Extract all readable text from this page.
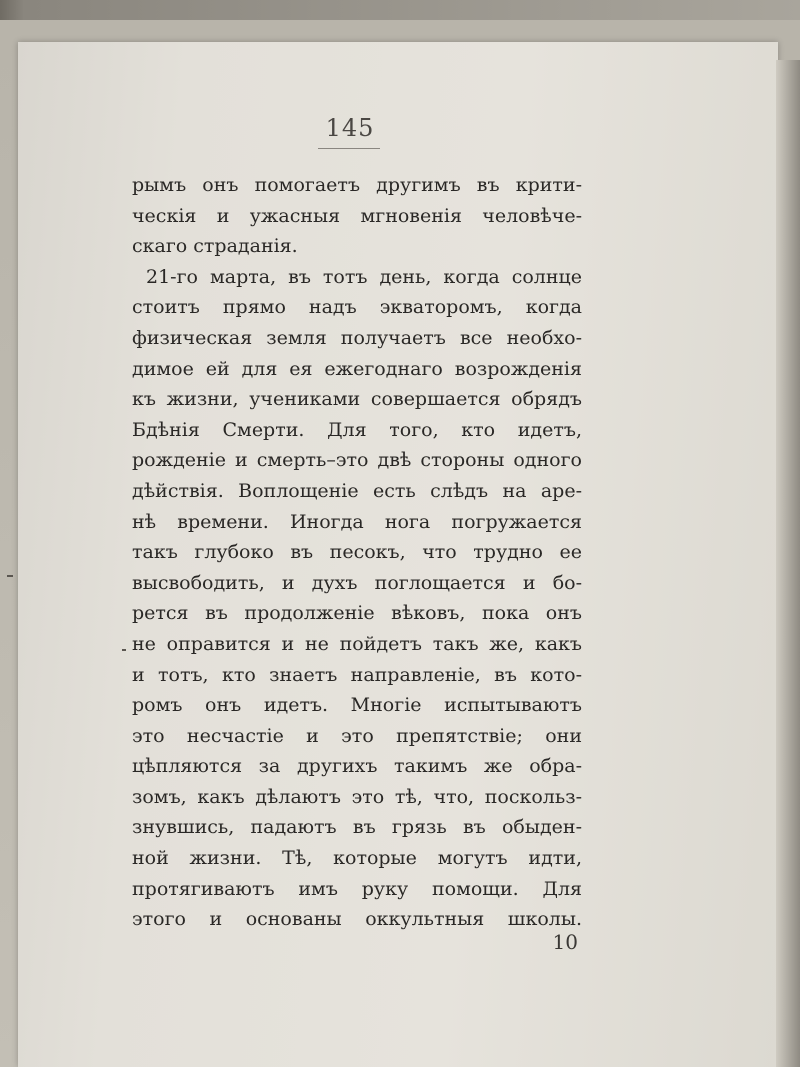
145
рымъ онъ помогаетъ другимъ въ крити-
ческія и ужасныя мгновенія человѣче-
скаго страданія.
21-го марта, въ тотъ день, когда солнце
стоитъ прямо надъ экваторомъ, когда
физическая земля получаетъ все необхо-
димое ей для ея ежегоднаго возрожденія
къ жизни, учениками совершается обрядъ
Бдѣнія Смерти. Для того, кто идетъ,
рожденіе и смерть–это двѣ стороны одного
дѣйствія. Воплощеніе есть слѣдъ на аре-
нѣ времени. Иногда нога погружается
такъ глубоко въ песокъ, что трудно ее
высвободить, и духъ поглощается и бо-
рется въ продолженіе вѣковъ, пока онъ
не оправится и не пойдетъ такъ же, какъ
и тотъ, кто знаетъ направленіе, въ кото-
ромъ онъ идетъ. Многіе испытываютъ
это несчастіе и это препятствіе; они
цѣпляются за другихъ такимъ же обра-
зомъ, какъ дѣлаютъ это тѣ, что, поскольз-
знувшись, падаютъ въ грязь въ обыден-
ной жизни. Тѣ, которые могутъ идти,
протягиваютъ имъ руку помощи. Для
этого и основаны оккультныя школы.
10
